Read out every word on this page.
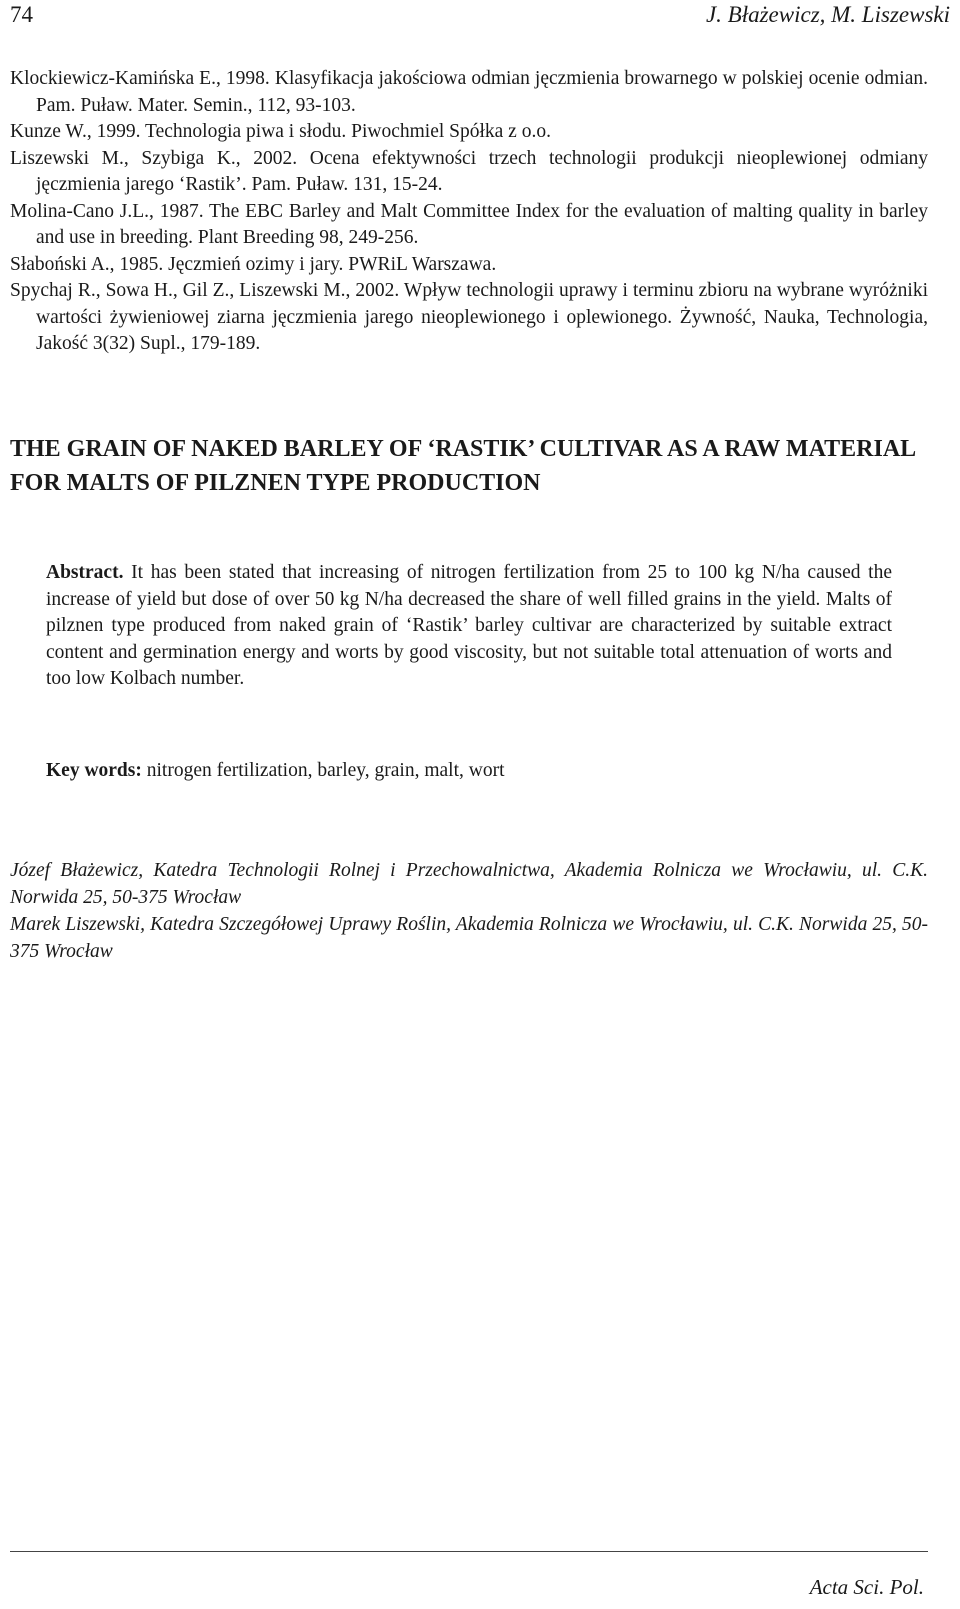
74	J. Błażewicz, M. Liszewski
Klockiewicz-Kamińska E., 1998. Klasyfikacja jakościowa odmian jęczmienia browarnego w polskiej ocenie odmian. Pam. Puław. Mater. Semin., 112, 93-103.
Kunze W., 1999. Technologia piwa i słodu. Piwochmiel Spółka z o.o.
Liszewski M., Szybiga K., 2002. Ocena efektywności trzech technologii produkcji nieoplewionej odmiany jęczmienia jarego ‘Rastik’. Pam. Puław. 131, 15-24.
Molina-Cano J.L., 1987. The EBC Barley and Malt Committee Index for the evaluation of malting quality in barley and use in breeding. Plant Breeding 98, 249-256.
Słaboński A., 1985. Jęczmień ozimy i jary. PWRiL Warszawa.
Spychaj R., Sowa H., Gil Z., Liszewski M., 2002. Wpływ technologii uprawy i terminu zbioru na wybrane wyróżniki wartości żywieniowej ziarna jęczmienia jarego nieoplewionego i oplewionego. Żywność, Nauka, Technologia, Jakość 3(32) Supl., 179-189.
THE GRAIN OF NAKED BARLEY OF ‘RASTIK’ CULTIVAR AS A RAW MATERIAL FOR MALTS OF PILZNEN TYPE PRODUCTION

Abstract. It has been stated that increasing of nitrogen fertilization from 25 to 100 kg N/ha caused the increase of yield but dose of over 50 kg N/ha decreased the share of well filled grains in the yield. Malts of pilznen type produced from naked grain of ‘Rastik’ barley cultivar are characterized by suitable extract content and germination energy and worts by good viscosity, but not suitable total attenuation of worts and too low Kolbach number.

Key words: nitrogen fertilization, barley, grain, malt, wort

Józef Błażewicz, Katedra Technologii Rolnej i Przechowalnictwa, Akademia Rolnicza we Wrocławiu, ul. C.K. Norwida 25, 50-375 Wrocław
Marek Liszewski, Katedra Szczegółowej Uprawy Roślin, Akademia Rolnicza we Wrocławiu, ul. C.K. Norwida 25, 50-375 Wrocław
Acta Sci. Pol.
